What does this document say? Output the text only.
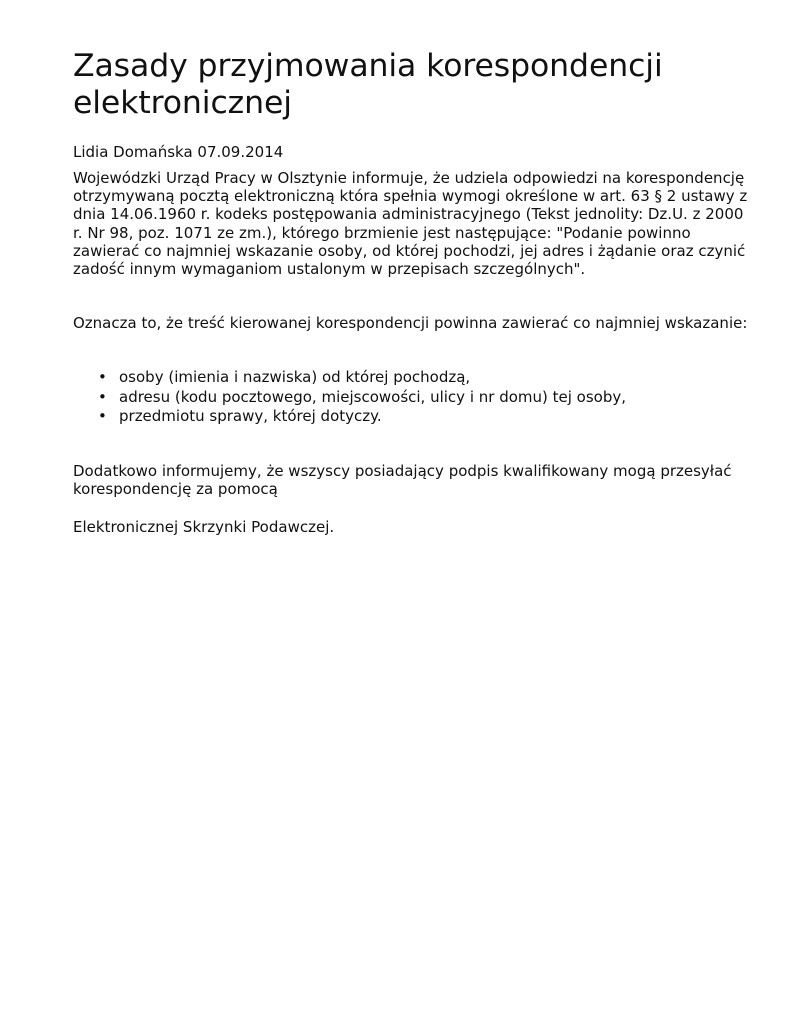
Zasady przyjmowania korespondencji elektronicznej

Lidia Domańska 07.09.2014

Wojewódzki Urząd Pracy w Olsztynie informuje, że udziela odpowiedzi na korespondencję otrzymywaną pocztą elektroniczną która spełnia wymogi określone w art. 63 § 2 ustawy z dnia 14.06.1960 r. kodeks postępowania administracyjnego (Tekst jednolity: Dz.U. z 2000 r. Nr 98, poz. 1071 ze zm.), którego brzmienie jest następujące: "Podanie powinno zawierać co najmniej wskazanie osoby, od której pochodzi, jej adres i żądanie oraz czynić zadość innym wymaganiom ustalonym w przepisach szczególnych".

Oznacza to, że treść kierowanej korespondencji powinna zawierać co najmniej wskazanie:

• osoby (imienia i nazwiska) od której pochodzą,
• adresu (kodu pocztowego, miejscowości, ulicy i nr domu) tej osoby,
• przedmiotu sprawy, której dotyczy.

Dodatkowo informujemy, że wszyscy posiadający podpis kwalifikowany mogą przesyłać korespondencję za pomocą

Elektronicznej Skrzynki Podawczej.
